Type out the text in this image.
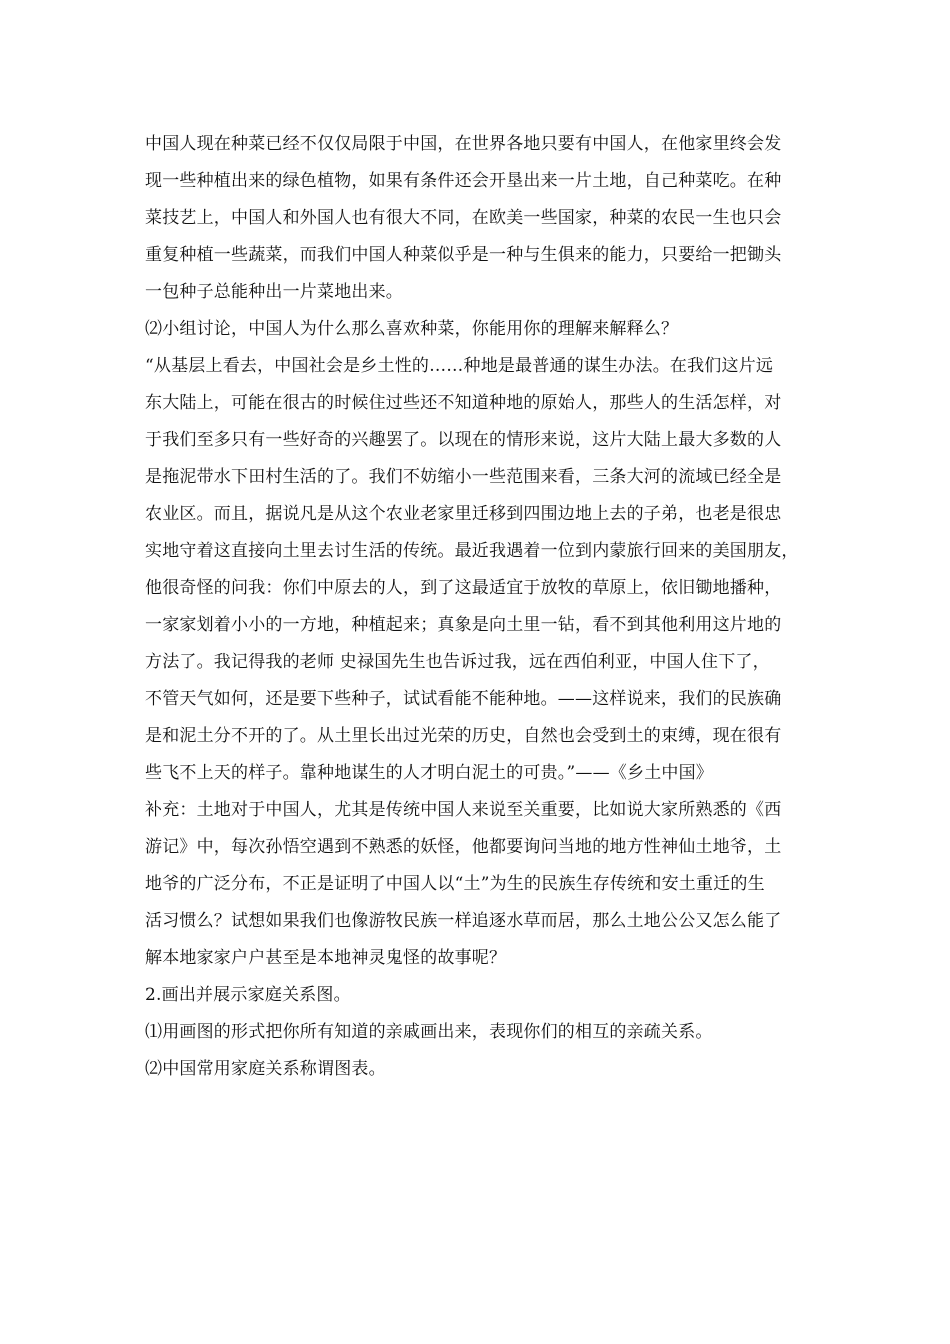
中国人现在种菜已经不仅仅局限于中国，在世界各地只要有中国人，在他家里终会发
现一些种植出来的绿色植物，如果有条件还会开垦出来一片土地，自己种菜吃。在种
菜技艺上，中国人和外国人也有很大不同，在欧美一些国家，种菜的农民一生也只会
重复种植一些蔬菜，而我们中国人种菜似乎是一种与生俱来的能力，只要给一把锄头
一包种子总能种出一片菜地出来。
⑵小组讨论，中国人为什么那么喜欢种菜，你能用你的理解来解释么？
“从基层上看去，中国社会是乡土性的……种地是最普通的谋生办法。在我们这片远
东大陆上，可能在很古的时候住过些还不知道种地的原始人，那些人的生活怎样，对
于我们至多只有一些好奇的兴趣罢了。以现在的情形来说，这片大陆上最大多数的人
是拖泥带水下田村生活的了。我们不妨缩小一些范围来看，三条大河的流域已经全是
农业区。而且，据说凡是从这个农业老家里迁移到四围边地上去的子弟，也老是很忠
实地守着这直接向土里去讨生活的传统。最近我遇着一位到内蒙旅行回来的美国朋友，
他很奇怪的问我：你们中原去的人，到了这最适宜于放牧的草原上，依旧锄地播种，
一家家划着小小的一方地，种植起来；真象是向土里一钻，看不到其他利用这片地的
方法了。我记得我的老师 史禄国先生也告诉过我，远在西伯利亚，中国人住下了，
不管天气如何，还是要下些种子，试试看能不能种地。——这样说来，我们的民族确
是和泥土分不开的了。从土里长出过光荣的历史，自然也会受到土的束缚，现在很有
些飞不上天的样子。靠种地谋生的人才明白泥土的可贵。”——《乡土中国》
补充：土地对于中国人，尤其是传统中国人来说至关重要，比如说大家所熟悉的《西
游记》中，每次孙悟空遇到不熟悉的妖怪，他都要询问当地的地方性神仙土地爷，土
地爷的广泛分布，不正是证明了中国人以“土”为生的民族生存传统和安土重迁的生
活习惯么？试想如果我们也像游牧民族一样追逐水草而居，那么土地公公又怎么能了
解本地家家户户甚至是本地神灵鬼怪的故事呢？
2.画出并展示家庭关系图。
⑴用画图的形式把你所有知道的亲戚画出来，表现你们的相互的亲疏关系。
⑵中国常用家庭关系称谓图表。
